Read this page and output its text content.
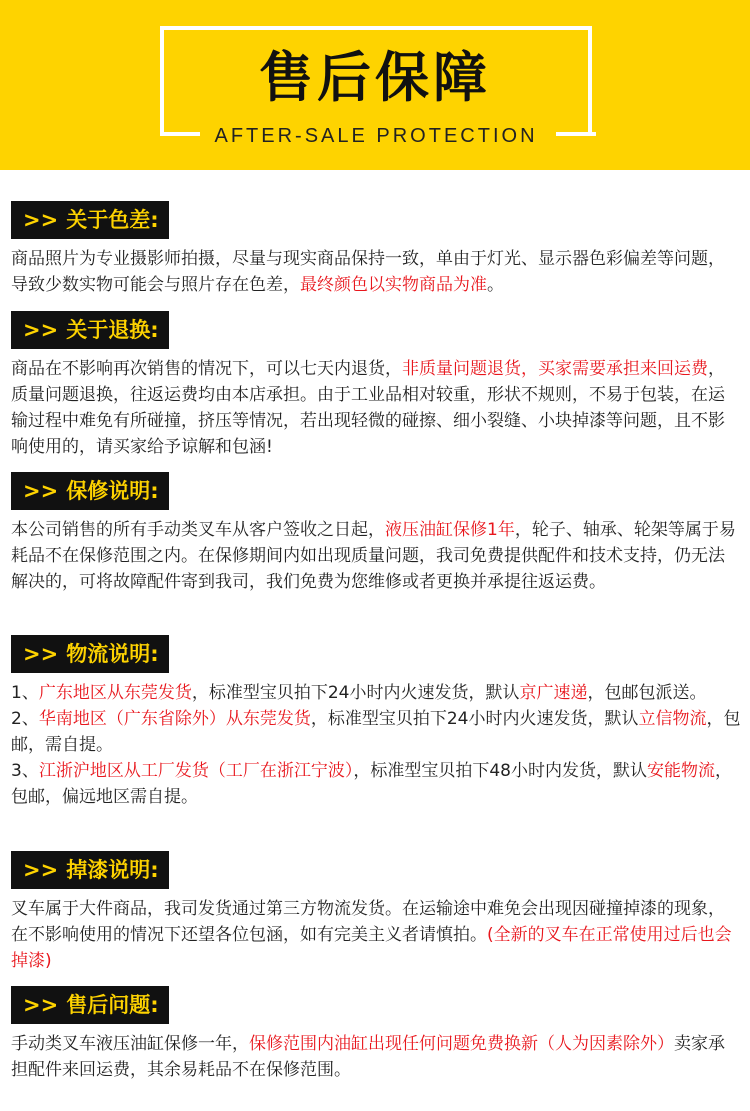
售后保障
AFTER-SALE PROTECTION
>> 关于色差:

商品照片为专业摄影师拍摄，尽量与现实商品保持一致，单由于灯光、显示器色彩偏差等问题，导致少数实物可能会与照片存在色差，最终颜色以实物商品为准。

>> 关于退换:

商品在不影响再次销售的情况下，可以七天内退货，非质量问题退货，买家需要承担来回运费，质量问题退换，往返运费均由本店承担。由于工业品相对较重，形状不规则，不易于包装，在运输过程中难免有所碰撞，挤压等情况，若出现轻微的碰擦、细小裂缝、小块掉漆等问题，且不影响使用的，请买家给予谅解和包涵!

>> 保修说明:

本公司销售的所有手动类叉车从客户签收之日起，液压油缸保修1年，轮子、轴承、轮架等属于易耗品不在保修范围之内。在保修期间内如出现质量问题，我司免费提供配件和技术支持，仍无法解决的，可将故障配件寄到我司，我们免费为您维修或者更换并承提往返运费。

>> 物流说明:

1、广东地区从东莞发货，标准型宝贝拍下24小时内火速发货，默认京广速递，包邮包派送。

2、华南地区（广东省除外）从东莞发货，标准型宝贝拍下24小时内火速发货，默认立信物流，包邮，需自提。

3、江浙沪地区从工厂发货（工厂在浙江宁波），标准型宝贝拍下48小时内发货，默认安能物流，包邮，偏远地区需自提。

>> 掉漆说明:

叉车属于大件商品，我司发货通过第三方物流发货。在运输途中难免会出现因碰撞掉漆的现象，在不影响使用的情况下还望各位包涵，如有完美主义者请慎拍。(全新的叉车在正常使用过后也会掉漆)

>> 售后问题:

手动类叉车液压油缸保修一年，保修范围内油缸出现任何问题免费换新（人为因素除外）卖家承担配件来回运费，其余易耗品不在保修范围。
